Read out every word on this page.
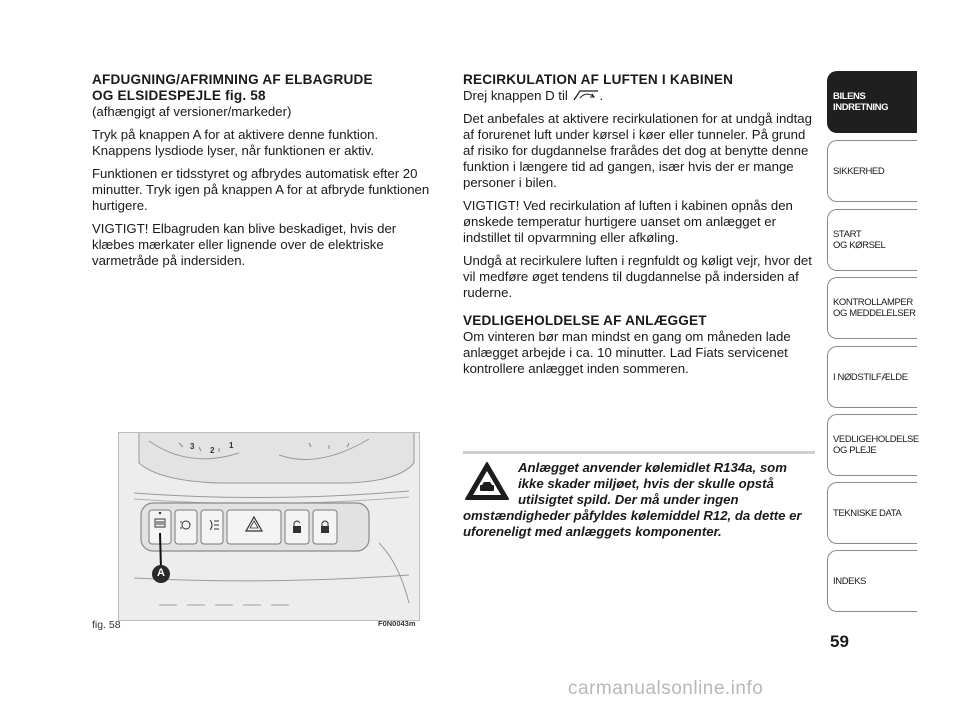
AFDUGNING/AFRIMNING AF ELBAGRUDE
OG ELSIDESPEJLE fig. 58

(afhængigt af versioner/markeder)

Tryk på knappen A for at aktivere denne funktion. Knappens lysdiode lyser, når funktionen er aktiv.

Funktionen er tidsstyret og afbrydes automatisk efter 20 minutter. Tryk igen på knappen A for at afbryde funktionen hurtigere.

VIGTIGT! Elbagruden kan blive beskadiget, hvis der klæbes mærkater eller lignende over de elektriske varmetråde på indersiden.

RECIRKULATION AF LUFTEN I KABINEN

Drej knappen D til .

Det anbefales at aktivere recirkulationen for at undgå indtag af forurenet luft under kørsel i køer eller tunneler. På grund af risiko for dugdannelse frarådes det dog at benytte denne funktion i længere tid ad gangen, især hvis der er mange personer i bilen.

VIGTIGT! Ved recirkulation af luften i kabinen opnås den ønskede temperatur hurtigere uanset om anlægget er indstillet til opvarmning eller afkøling.

Undgå at recirkulere luften i regnfuldt og køligt vejr, hvor det vil medføre øget tendens til dugdannelse på indersiden af ruderne.

VEDLIGEHOLDELSE AF ANLÆGGET

Om vinteren bør man mindst en gang om måneden lade anlægget arbejde i ca. 10 minutter. Lad Fiats servicenet kontrollere anlægget inden sommeren.

3 2
1
A
fig. 58	F0N0043m
Anlægget anvender kølemidlet R134a, som ikke skader miljøet, hvis der skulle opstå utilsigtet spild. Der må under ingen omstændigheder påfyldes kølemiddel R12, da dette er uforeneligt med anlæggets komponenter.
BILENS
INDRETNING
SIKKERHED
START
OG KØRSEL
KONTROLLAMPER
OG MEDDELELSER
I NØDSTILFÆLDE
VEDLIGEHOLDELSE
OG PLEJE
TEKNISKE DATA
INDEKS
59
carmanualsonline.info
